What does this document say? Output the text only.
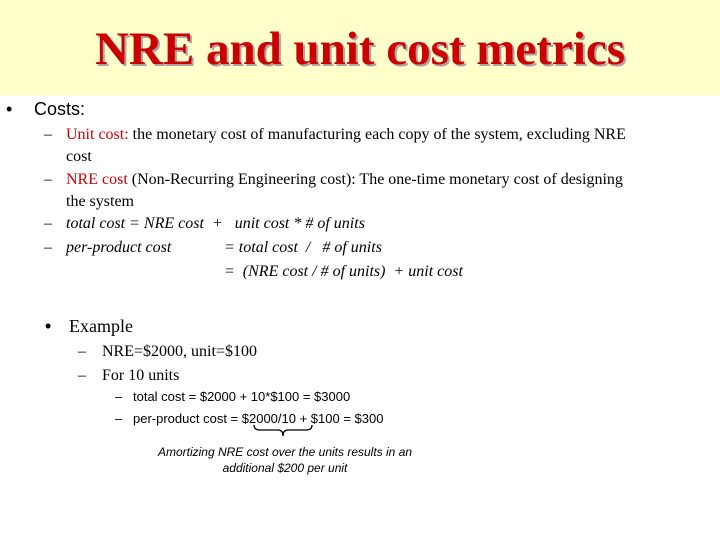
NRE and unit cost metrics
• Costs:
– Unit cost: the monetary cost of manufacturing each copy of the system, excluding NRE
cost
– NRE cost (Non-Recurring Engineering cost): The one-time monetary cost of designing
the system
– total cost = NRE cost  +   unit cost * # of units
– per-product cost	= total cost  /   # of units
=  (NRE cost / # of units)  + unit cost
• Example
– NRE=$2000, unit=$100
– For 10 units
– total cost = $2000 + 10*$100 = $3000
– per-product cost = $2000/10 + $100 = $300
Amortizing NRE cost over the units results in an additional $200 per unit
